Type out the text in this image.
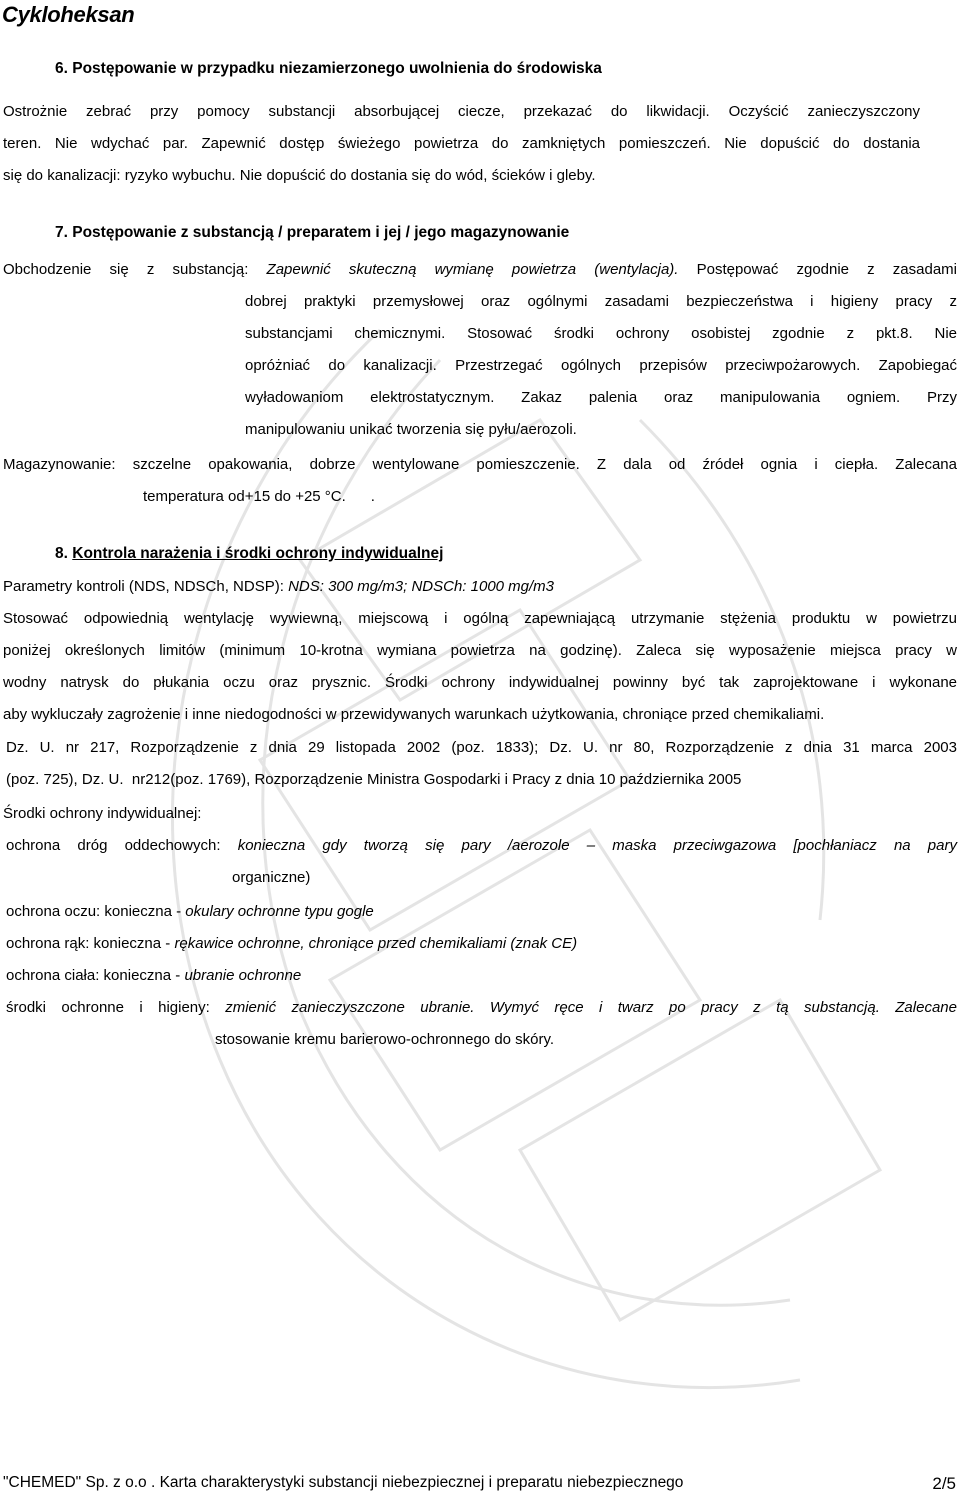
Cykloheksan
6. Postępowanie w przypadku niezamierzonego uwolnienia do środowiska
Ostrożnie zebrać przy pomocy substancji absorbującej ciecze, przekazać do likwidacji. Oczyścić zanieczyszczony
teren. Nie wdychać par. Zapewnić dostęp świeżego powietrza do zamkniętych pomieszczeń. Nie dopuścić do dostania
się do kanalizacji: ryzyko wybuchu. Nie dopuścić do dostania się do wód, ścieków i gleby.
7. Postępowanie z substancją / preparatem i jej / jego magazynowanie
Obchodzenie się z substancją: Zapewnić skuteczną wymianę powietrza (wentylacja). Postępować zgodnie z zasadami
dobrej praktyki przemysłowej oraz ogólnymi zasadami bezpieczeństwa i higieny pracy z
substancjami chemicznymi. Stosować środki ochrony osobistej zgodnie z pkt.8. Nie
opróżniać do kanalizacji. Przestrzegać ogólnych przepisów przeciwpożarowych. Zapobiegać
wyładowaniom elektrostatycznym. Zakaz palenia oraz manipulowania ogniem. Przy
manipulowaniu unikać tworzenia się pyłu/aerozoli.
Magazynowanie: szczelne opakowania, dobrze wentylowane pomieszczenie. Z dala od źródeł ognia i ciepła. Zalecana
temperatura od+15 do +25 °C.      .
8. Kontrola narażenia i środki ochrony indywidualnej
Parametry kontroli (NDS, NDSCh, NDSP): NDS: 300 mg/m3; NDSCh: 1000 mg/m3
Stosować odpowiednią wentylację wywiewną, miejscową i ogólną zapewniającą utrzymanie stężenia produktu w powietrzu
poniżej określonych limitów (minimum 10-krotna wymiana powietrza na godzinę). Zaleca się wyposażenie miejsca pracy w
wodny natrysk do płukania oczu oraz prysznic. Środki ochrony indywidualnej powinny być tak zaprojektowane i wykonane
aby wykluczały zagrożenie i inne niedogodności w przewidywanych warunkach użytkowania, chroniące przed chemikaliami.
Dz. U. nr 217, Rozporządzenie z dnia 29 listopada 2002 (poz. 1833); Dz. U. nr 80, Rozporządzenie z dnia 31 marca 2003
(poz. 725), Dz. U.  nr212(poz. 1769), Rozporządzenie Ministra Gospodarki i Pracy z dnia 10 października 2005
Środki ochrony indywidualnej:
ochrona dróg oddechowych: konieczna gdy tworzą się pary /aerozole – maska przeciwgazowa [pochłaniacz na pary
organiczne)
ochrona oczu: konieczna - okulary ochronne typu gogle
ochrona rąk: konieczna - rękawice ochronne, chroniące przed chemikaliami (znak CE)
ochrona ciała: konieczna - ubranie ochronne
środki ochronne i higieny: zmienić zanieczyszczone ubranie. Wymyć ręce i twarz po pracy z tą substancją. Zalecane
stosowanie kremu barierowo-ochronnego do skóry.
"CHEMED" Sp. z o.o . Karta charakterystyki substancji niebezpiecznej i preparatu niebezpiecznego	2/5
